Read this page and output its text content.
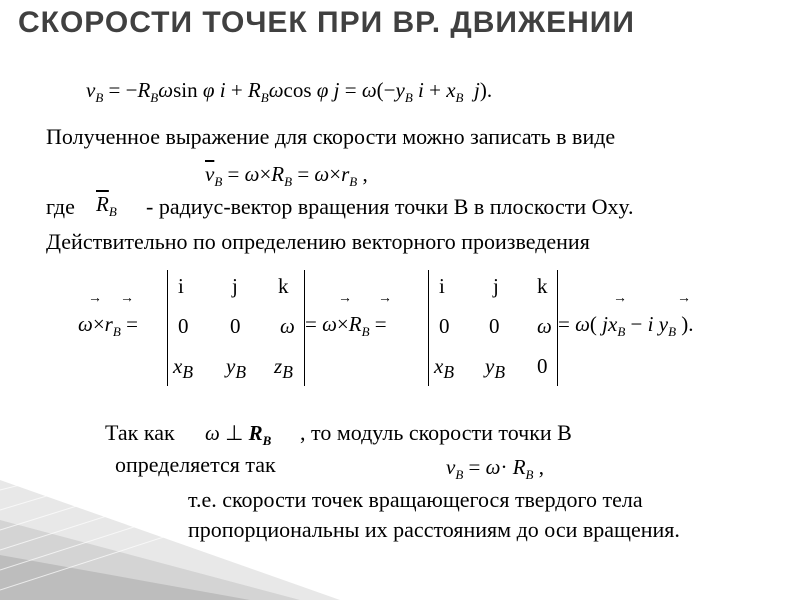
СКОРОСТИ ТОЧЕК ПРИ ВР. ДВИЖЕНИИ
$v_B = -R_B\omega\sin$ φ $i + R_B\omega\cos$ φ $j = \omega(-y_B$ $i + x_B$ j).
Полученное выражение для скорости можно записать в виде
$\overline{v}_B = \omega\times R_B = \omega\times r_B$ ,
где $\overline{R}_B$ - радиус-вектор вращения точки B в плоскости Oxy.
Действительно по определению векторного произведения
→ →
$\omega\times r_B$ =
i j k
0 0 ω
$x_B$ $y_B$ $z_B$
→ →
= $\omega\times R_B$ =
i j k
0 0 ω
$x_B$ $y_B$ 0
→	→
= ω( $jx_B - i$ $y_B$ ).
Так как ω ⊥ $R_B$ , то модуль скорости точки B
определяется так	$v_B = \omega\cdot R_B$ ,
т.е. скорости точек вращающегося твердого тела
пропорциональны их расстояниям до оси вращения.
